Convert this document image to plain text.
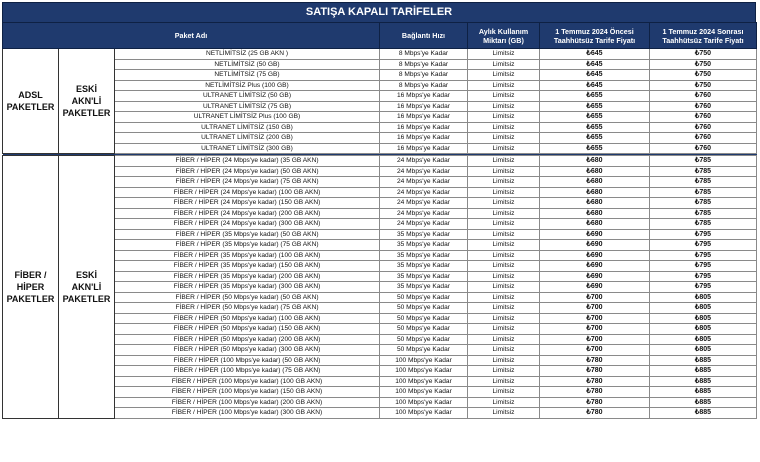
SATIŞA KAPALI TARİFELER
Paket Adı			Bağlantı Hızı	Aylık Kullanım Miktarı (GB)	1 Temmuz 2024 Öncesi Taahhütsüz Tarife Fiyatı	1 Temmuz 2024 Sonrası Taahhütsüz Tarife Fiyatı
ADSL PAKETLER	ESKİ AKN'Lİ PAKETLER	NETLİMİTSİZ (25 GB AKN )	8 Mbps'ye Kadar	Limitsiz	₺645	₺750
		NETLİMİTSİZ (50 GB)	8 Mbps'ye Kadar	Limitsiz	₺645	₺750
		NETLİMİTSİZ (75 GB)	8 Mbps'ye Kadar	Limitsiz	₺645	₺750
		NETLİMİTSİZ Plus (100 GB)	8 Mbps'ye Kadar	Limitsiz	₺645	₺750
		ULTRANET LİMİTSİZ (50 GB)	16 Mbps'ye Kadar	Limitsiz	₺655	₺760
		ULTRANET LİMİTSİZ (75 GB)	16 Mbps'ye Kadar	Limitsiz	₺655	₺760
		ULTRANET LİMİTSİZ Plus (100 GB)	16 Mbps'ye Kadar	Limitsiz	₺655	₺760
		ULTRANET LİMİTSİZ (150 GB)	16 Mbps'ye Kadar	Limitsiz	₺655	₺760
		ULTRANET LİMİTSİZ (200 GB)	16 Mbps'ye Kadar	Limitsiz	₺655	₺760
		ULTRANET LİMİTSİZ (300 GB)	16 Mbps'ye Kadar	Limitsiz	₺655	₺760

FİBER / HİPER PAKETLER	ESKİ AKN'Lİ PAKETLER	FİBER / HİPER (24 Mbps'ye kadar) (35 GB AKN)	24 Mbps'ye Kadar	Limitsiz	₺680	₺785
		FİBER / HİPER (24 Mbps'ye kadar) (50 GB AKN)	24 Mbps'ye Kadar	Limitsiz	₺680	₺785
		FİBER / HİPER (24 Mbps'ye kadar) (75 GB AKN)	24 Mbps'ye Kadar	Limitsiz	₺680	₺785
		FİBER / HİPER (24 Mbps'ye kadar) (100 GB AKN)	24 Mbps'ye Kadar	Limitsiz	₺680	₺785
		FİBER / HİPER (24 Mbps'ye kadar) (150 GB AKN)	24 Mbps'ye Kadar	Limitsiz	₺680	₺785
		FİBER / HİPER (24 Mbps'ye kadar) (200 GB AKN)	24 Mbps'ye Kadar	Limitsiz	₺680	₺785
		FİBER / HİPER (24 Mbps'ye kadar) (300 GB AKN)	24 Mbps'ye Kadar	Limitsiz	₺680	₺785
		FİBER / HİPER (35 Mbps'ye kadar) (50 GB AKN)	35 Mbps'ye Kadar	Limitsiz	₺690	₺795
		FİBER / HİPER (35 Mbps'ye kadar) (75 GB AKN)	35 Mbps'ye Kadar	Limitsiz	₺690	₺795
		FİBER / HİPER (35 Mbps'ye kadar) (100 GB AKN)	35 Mbps'ye Kadar	Limitsiz	₺690	₺795
		FİBER / HİPER (35 Mbps'ye kadar) (150 GB AKN)	35 Mbps'ye Kadar	Limitsiz	₺690	₺795
		FİBER / HİPER (35 Mbps'ye kadar) (200 GB AKN)	35 Mbps'ye Kadar	Limitsiz	₺690	₺795
		FİBER / HİPER (35 Mbps'ye kadar) (300 GB AKN)	35 Mbps'ye Kadar	Limitsiz	₺690	₺795
		FİBER / HİPER (50 Mbps'ye kadar) (50 GB AKN)	50 Mbps'ye Kadar	Limitsiz	₺700	₺805
		FİBER / HİPER (50 Mbps'ye kadar) (75 GB AKN)	50 Mbps'ye Kadar	Limitsiz	₺700	₺805
		FİBER / HİPER (50 Mbps'ye kadar) (100 GB AKN)	50 Mbps'ye Kadar	Limitsiz	₺700	₺805
		FİBER / HİPER (50 Mbps'ye kadar) (150 GB AKN)	50 Mbps'ye Kadar	Limitsiz	₺700	₺805
		FİBER / HİPER (50 Mbps'ye kadar) (200 GB AKN)	50 Mbps'ye Kadar	Limitsiz	₺700	₺805
		FİBER / HİPER (50 Mbps'ye kadar) (300 GB AKN)	50 Mbps'ye Kadar	Limitsiz	₺700	₺805
		FİBER / HİPER (100 Mbps'ye kadar) (50 GB AKN)	100 Mbps'ye Kadar	Limitsiz	₺780	₺885
		FİBER / HİPER (100 Mbps'ye kadar) (75 GB AKN)	100 Mbps'ye Kadar	Limitsiz	₺780	₺885
		FİBER / HİPER (100 Mbps'ye kadar) (100 GB AKN)	100 Mbps'ye Kadar	Limitsiz	₺780	₺885
		FİBER / HİPER (100 Mbps'ye kadar) (150 GB AKN)	100 Mbps'ye Kadar	Limitsiz	₺780	₺885
		FİBER / HİPER (100 Mbps'ye kadar) (200 GB AKN)	100 Mbps'ye Kadar	Limitsiz	₺780	₺885
		FİBER / HİPER (100 Mbps'ye kadar) (300 GB AKN)	100 Mbps'ye Kadar	Limitsiz	₺780	₺885
